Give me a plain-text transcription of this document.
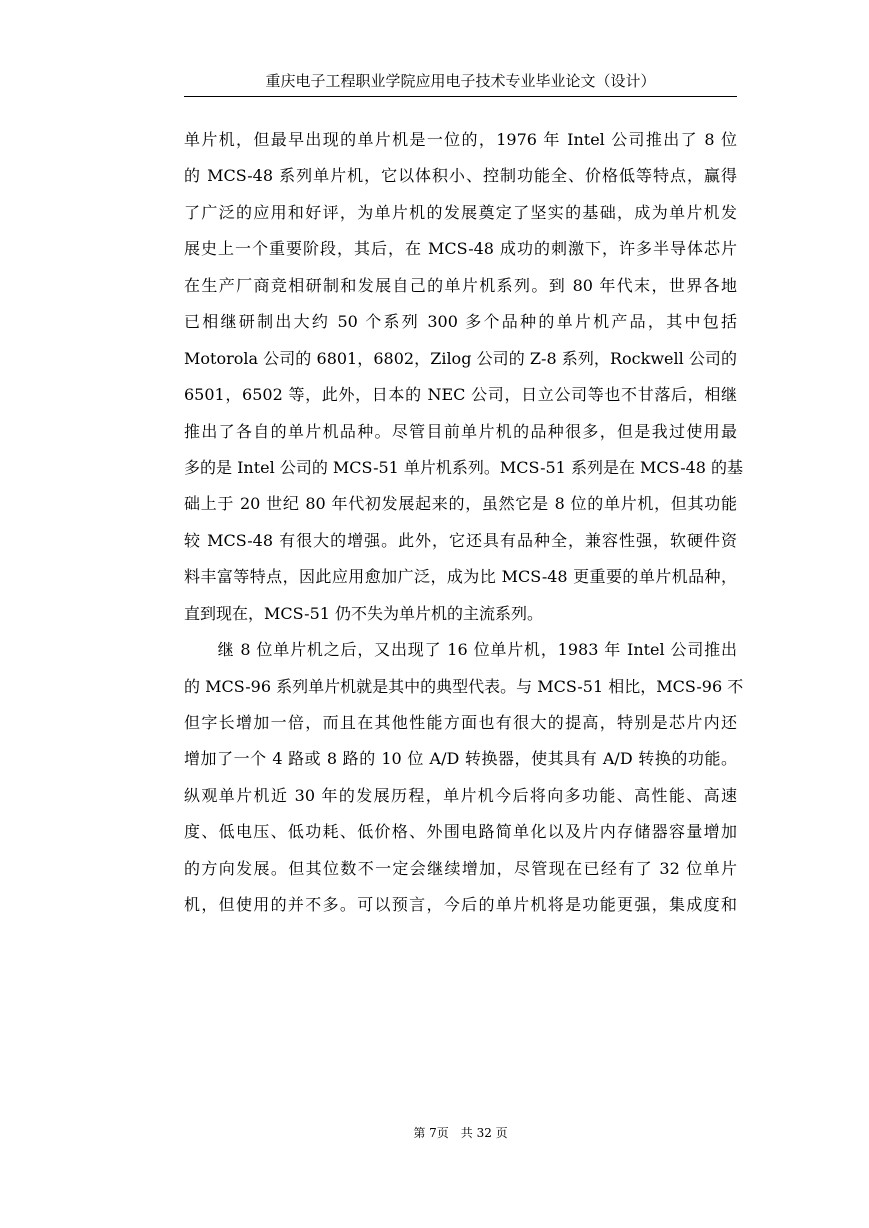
重庆电子工程职业学院应用电子技术专业毕业论文（设计）
单片机，但最早出现的单片机是一位的，1976 年 Intel 公司推出了 8 位
的 MCS-48 系列单片机，它以体积小、控制功能全、价格低等特点，赢得
了广泛的应用和好评，为单片机的发展奠定了坚实的基础，成为单片机发
展史上一个重要阶段，其后，在 MCS-48 成功的刺激下，许多半导体芯片
在生产厂商竞相研制和发展自己的单片机系列。到 80 年代末，世界各地
已相继研制出大约 50 个系列 300 多个品种的单片机产品，其中包括
Motorola 公司的 6801，6802，Zilog 公司的 Z-8 系列，Rockwell 公司的
6501，6502 等，此外，日本的 NEC 公司，日立公司等也不甘落后，相继
推出了各自的单片机品种。尽管目前单片机的品种很多，但是我过使用最
多的是 Intel 公司的 MCS-51 单片机系列。MCS-51 系列是在 MCS-48 的基
础上于 20 世纪 80 年代初发展起来的，虽然它是 8 位的单片机，但其功能
较 MCS-48 有很大的增强。此外，它还具有品种全，兼容性强，软硬件资
料丰富等特点，因此应用愈加广泛，成为比 MCS-48 更重要的单片机品种，
直到现在，MCS-51 仍不失为单片机的主流系列。
　　继 8 位单片机之后，又出现了 16 位单片机，1983 年 Intel 公司推出
的 MCS-96 系列单片机就是其中的典型代表。与 MCS-51 相比，MCS-96 不
但字长增加一倍，而且在其他性能方面也有很大的提高，特别是芯片内还
增加了一个 4 路或 8 路的 10 位 A/D 转换器，使其具有 A/D 转换的功能。
纵观单片机近 30 年的发展历程，单片机今后将向多功能、高性能、高速
度、低电压、低功耗、低价格、外围电路简单化以及片内存储器容量增加
的方向发展。但其位数不一定会继续增加，尽管现在已经有了 32 位单片
机，但使用的并不多。可以预言，今后的单片机将是功能更强，集成度和
第 7页　共 32 页
